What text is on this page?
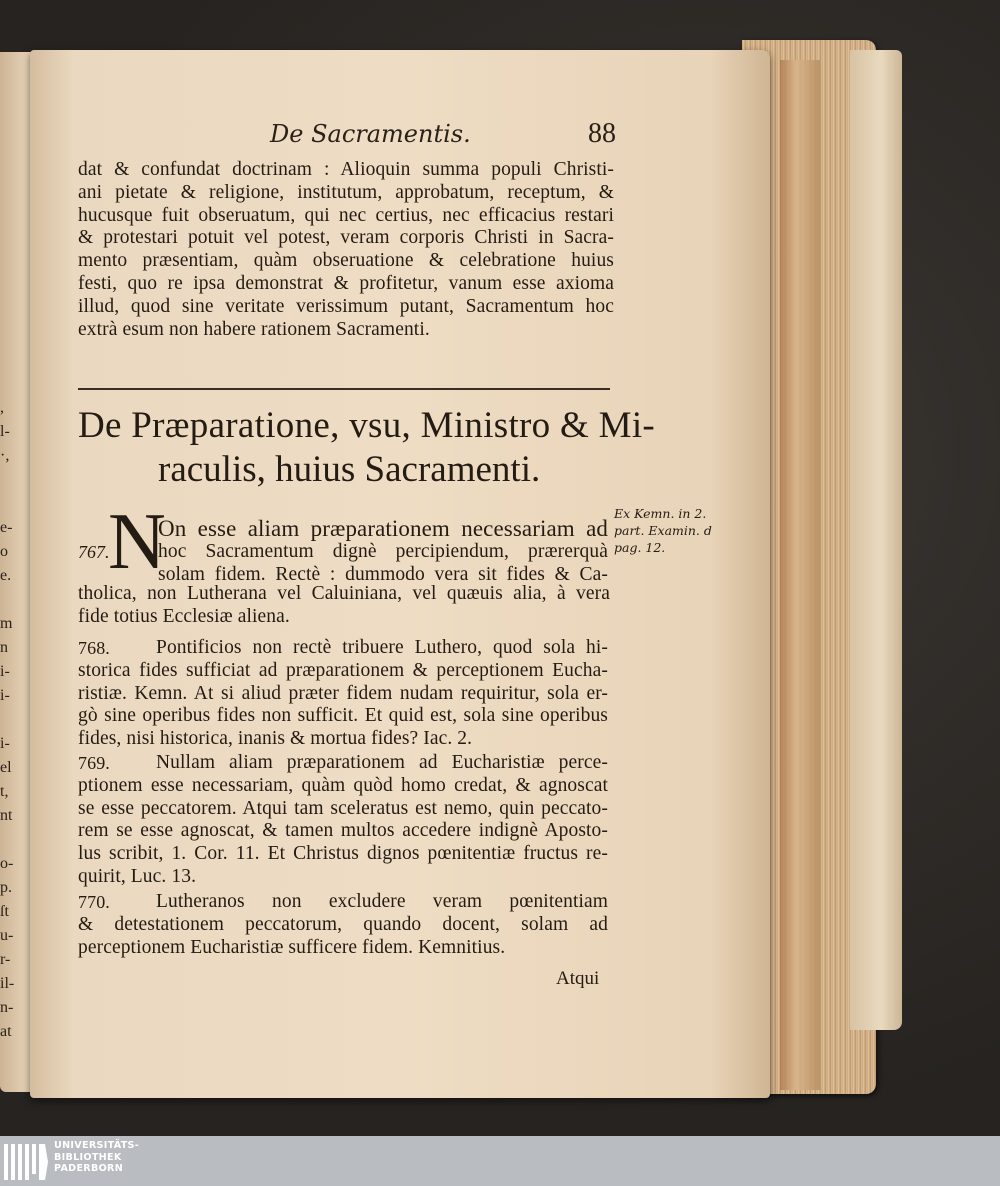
,
l-
·,
e-
o
e.
m
n
i-
i-
i-
el
t,
nt
o-
p.
ſt
u-
r-
il-
n-
at
De Sacramentis.	88
dat & confundat doctrinam : Alioquin summa populi Christi-
ani pietate & religione, institutum, approbatum, receptum, &
hucusque fuit obseruatum, qui nec certius, nec efficacius restari
& protestari potuit vel potest, veram corporis Christi in Sacra-
mento præsentiam, quàm obseruatione & celebratione huius
festi, quo re ipsa demonstrat & profitetur, vanum esse axioma
illud, quod sine veritate verissimum putant, Sacramentum hoc
extrà esum non habere rationem Sacramenti.
De Præparatione, vsu, Ministro & Mi-
raculis, huius Sacramenti.
N
767.
On esse aliam præparationem necessariam ad
hoc Sacramentum dignè percipiendum, prærerquà
solam fidem. Rectè : dummodo vera sit fides & Ca-
tholica, non Lutherana vel Caluiniana, vel quæuis alia, à vera
fide totius Ecclesiæ aliena.
Ex Kemn. in 2.
part. Examin. d
pag. 12.
768. Pontificios non rectè tribuere Luthero, quod sola hi-
storica fides sufficiat ad præparationem & perceptionem Eucha-
ristiæ. Kemn. At si aliud præter fidem nudam requiritur, sola er-
gò sine operibus fides non sufficit. Et quid est, sola sine operibus
fides, nisi historica, inanis & mortua fides? Iac. 2.
769. Nullam aliam præparationem ad Eucharistiæ perce-
ptionem esse necessariam, quàm quòd homo credat, & agnoscat
se esse peccatorem. Atqui tam sceleratus est nemo, quin peccato-
rem se esse agnoscat, & tamen multos accedere indignè Aposto-
lus scribit, 1. Cor. 11. Et Christus dignos pœnitentiæ fructus re-
quirit, Luc. 13.
770. Lutheranos non excludere veram pœnitentiam
& detestationem peccatorum, quando docent, solam ad
perceptionem Eucharistiæ sufficere fidem. Kemnitius.
Atqui
UNIVERSITÄTS-
BIBLIOTHEK
PADERBORN
